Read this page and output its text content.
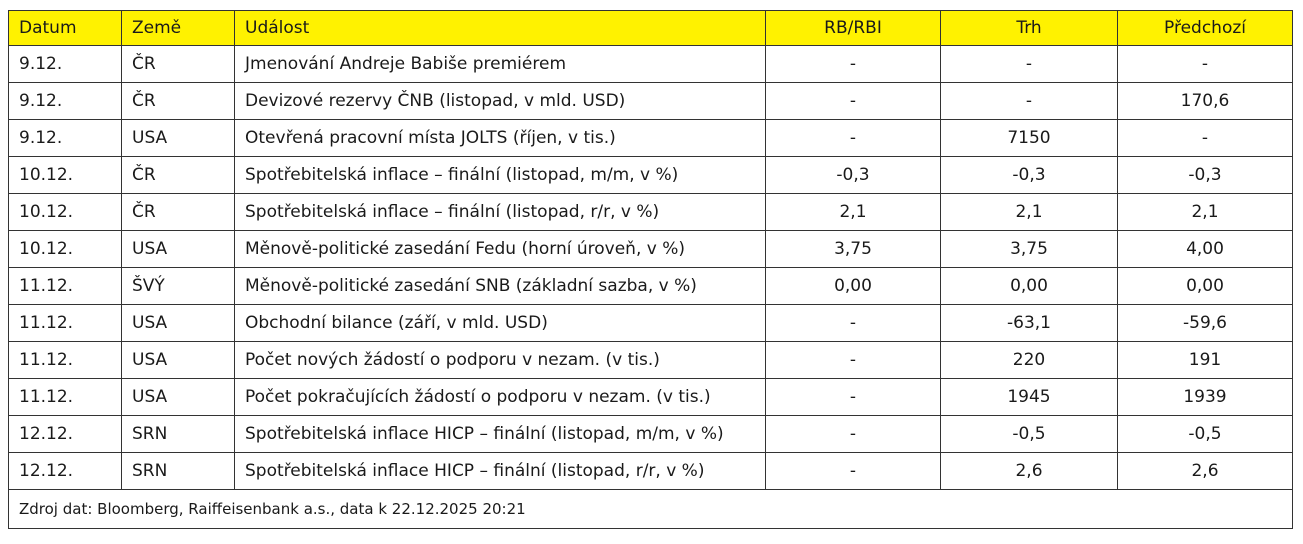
Datum	Země	Událost	RB/RBI	Trh	Předchozí
9.12.	ČR	Jmenování Andreje Babiše premiérem	-	-	-
9.12.	ČR	Devizové rezervy ČNB (listopad, v mld. USD)	-	-	170,6
9.12.	USA	Otevřená pracovní místa JOLTS (říjen, v tis.)	-	7150	-
10.12.	ČR	Spotřebitelská inflace – finální (listopad, m/m, v %)	-0,3	-0,3	-0,3
10.12.	ČR	Spotřebitelská inflace – finální (listopad, r/r, v %)	2,1	2,1	2,1
10.12.	USA	Měnově-politické zasedání Fedu (horní úroveň, v %)	3,75	3,75	4,00
11.12.	ŠVÝ	Měnově-politické zasedání SNB (základní sazba, v %)	0,00	0,00	0,00
11.12.	USA	Obchodní bilance (září, v mld. USD)	-	-63,1	-59,6
11.12.	USA	Počet nových žádostí o podporu v nezam. (v tis.)	-	220	191
11.12.	USA	Počet pokračujících žádostí o podporu v nezam. (v tis.)	-	1945	1939
12.12.	SRN	Spotřebitelská inflace HICP – finální (listopad, m/m, v %)	-	-0,5	-0,5
12.12.	SRN	Spotřebitelská inflace HICP – finální (listopad, r/r, v %)	-	2,6	2,6
Zdroj dat: Bloomberg, Raiffeisenbank a.s., data k 22.12.2025 20:21					
